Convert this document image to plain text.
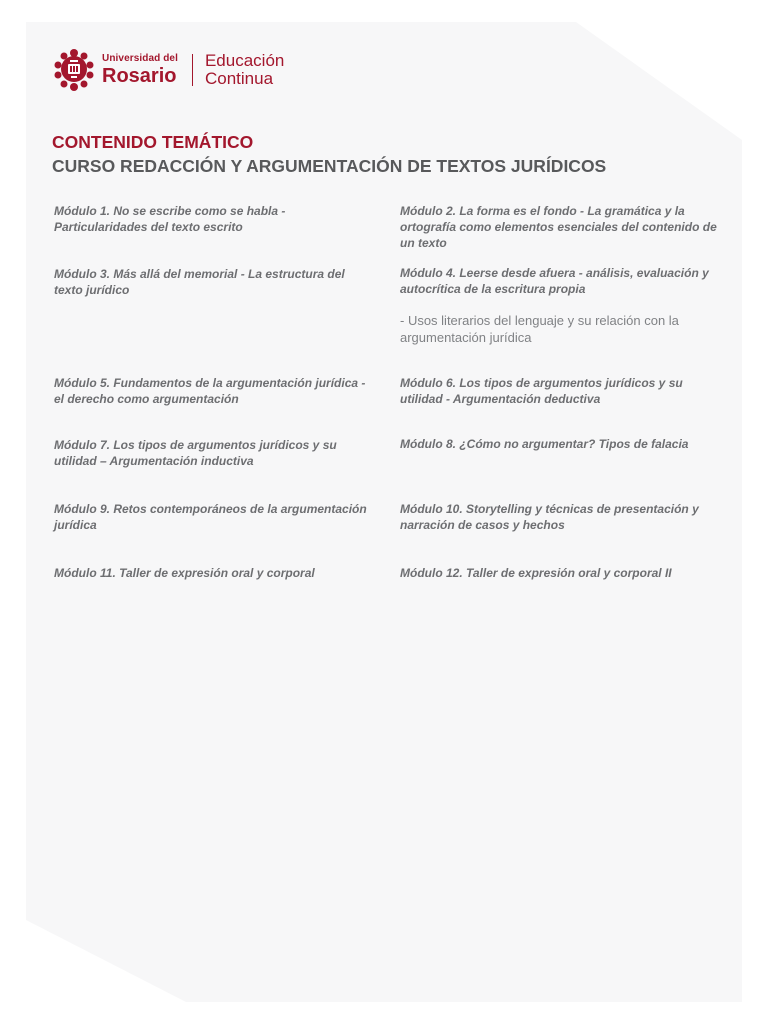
Universidad del
Rosario
Educación
Continua
CONTENIDO TEMÁTICO
CURSO REDACCIÓN Y ARGUMENTACIÓN DE TEXTOS JURÍDICOS

Módulo 1. No se escribe como se habla - Particularidades del texto escrito

Módulo 2. La forma es el fondo - La gramática y la ortografía como elementos esenciales del contenido de un texto

Módulo 3. Más allá del memorial - La estructura del texto jurídico

Módulo 4. Leerse desde afuera - análisis, evaluación y autocrítica de la escritura propia

- Usos literarios del lenguaje y su relación con la argumentación jurídica

Módulo 5. Fundamentos de la argumentación jurídica - el derecho como argumentación

Módulo 6. Los tipos de argumentos jurídicos y su utilidad - Argumentación deductiva

Módulo 7. Los tipos de argumentos jurídicos y su utilidad – Argumentación inductiva

Módulo 8. ¿Cómo no argumentar? Tipos de falacia

Módulo 9. Retos contemporáneos de la argumentación jurídica

Módulo 10. Storytelling y técnicas de presentación y narración de casos y hechos

Módulo 11. Taller de expresión oral y corporal	Módulo 12. Taller de expresión oral y corporal II
